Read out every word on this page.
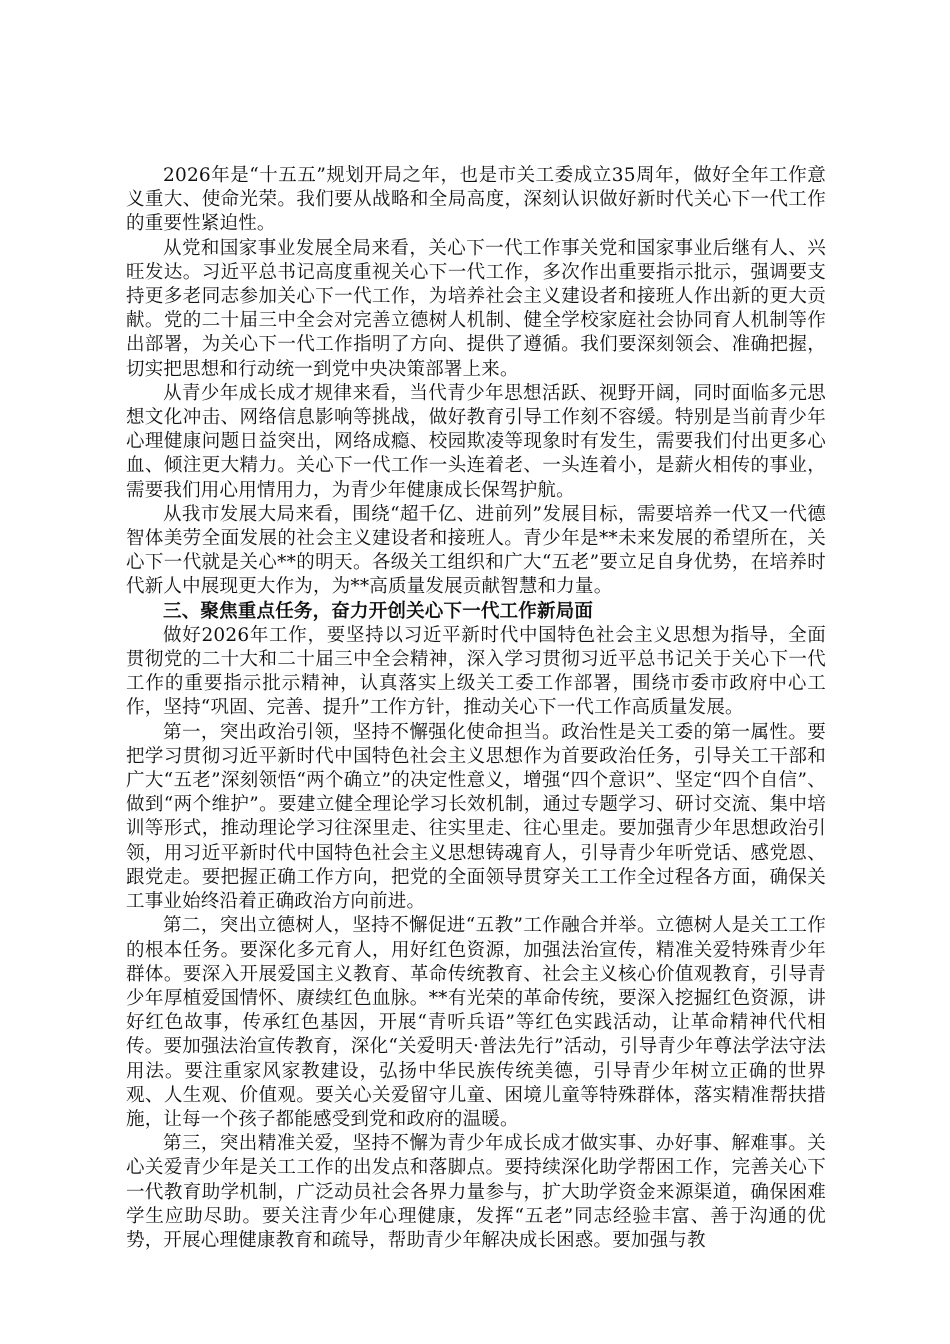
2026年是“十五五”规划开局之年，也是市关工委成立35周年，做好全年工作意义重大、使命光荣。我们要从战略和全局高度，深刻认识做好新时代关心下一代工作的重要性紧迫性。

从党和国家事业发展全局来看，关心下一代工作事关党和国家事业后继有人、兴旺发达。习近平总书记高度重视关心下一代工作，多次作出重要指示批示，强调要支持更多老同志参加关心下一代工作，为培养社会主义建设者和接班人作出新的更大贡献。党的二十届三中全会对完善立德树人机制、健全学校家庭社会协同育人机制等作出部署，为关心下一代工作指明了方向、提供了遵循。我们要深刻领会、准确把握，切实把思想和行动统一到党中央决策部署上来。

从青少年成长成才规律来看，当代青少年思想活跃、视野开阔，同时面临多元思想文化冲击、网络信息影响等挑战，做好教育引导工作刻不容缓。特别是当前青少年心理健康问题日益突出，网络成瘾、校园欺凌等现象时有发生，需要我们付出更多心血、倾注更大精力。关心下一代工作一头连着老、一头连着小，是薪火相传的事业，需要我们用心用情用力，为青少年健康成长保驾护航。

从我市发展大局来看，围绕“超千亿、进前列”发展目标，需要培养一代又一代德智体美劳全面发展的社会主义建设者和接班人。青少年是**未来发展的希望所在，关心下一代就是关心**的明天。各级关工组织和广大“五老”要立足自身优势，在培养时代新人中展现更大作为，为**高质量发展贡献智慧和力量。

三、聚焦重点任务，奋力开创关心下一代工作新局面

做好2026年工作，要坚持以习近平新时代中国特色社会主义思想为指导，全面贯彻党的二十大和二十届三中全会精神，深入学习贯彻习近平总书记关于关心下一代工作的重要指示批示精神，认真落实上级关工委工作部署，围绕市委市政府中心工作，坚持“巩固、完善、提升”工作方针，推动关心下一代工作高质量发展。

第一，突出政治引领，坚持不懈强化使命担当。政治性是关工委的第一属性。要把学习贯彻习近平新时代中国特色社会主义思想作为首要政治任务，引导关工干部和广大“五老”深刻领悟“两个确立”的决定性意义，增强“四个意识”、坚定“四个自信”、做到“两个维护”。要建立健全理论学习长效机制，通过专题学习、研讨交流、集中培训等形式，推动理论学习往深里走、往实里走、往心里走。要加强青少年思想政治引领，用习近平新时代中国特色社会主义思想铸魂育人，引导青少年听党话、感党恩、跟党走。要把握正确工作方向，把党的全面领导贯穿关工工作全过程各方面，确保关工事业始终沿着正确政治方向前进。

第二，突出立德树人，坚持不懈促进“五教”工作融合并举。立德树人是关工工作的根本任务。要深化多元育人，用好红色资源，加强法治宣传，精准关爱特殊青少年群体。要深入开展爱国主义教育、革命传统教育、社会主义核心价值观教育，引导青少年厚植爱国情怀、赓续红色血脉。**有光荣的革命传统，要深入挖掘红色资源，讲好红色故事，传承红色基因，开展“青听兵语”等红色实践活动，让革命精神代代相传。要加强法治宣传教育，深化“关爱明天·普法先行”活动，引导青少年尊法学法守法用法。要注重家风家教建设，弘扬中华民族传统美德，引导青少年树立正确的世界观、人生观、价值观。要关心关爱留守儿童、困境儿童等特殊群体，落实精准帮扶措施，让每一个孩子都能感受到党和政府的温暖。

第三，突出精准关爱，坚持不懈为青少年成长成才做实事、办好事、解难事。关心关爱青少年是关工工作的出发点和落脚点。要持续深化助学帮困工作，完善关心下一代教育助学机制，广泛动员社会各界力量参与，扩大助学资金来源渠道，确保困难学生应助尽助。要关注青少年心理健康，发挥“五老”同志经验丰富、善于沟通的优势，开展心理健康教育和疏导，帮助青少年解决成长困惑。要加强与教
